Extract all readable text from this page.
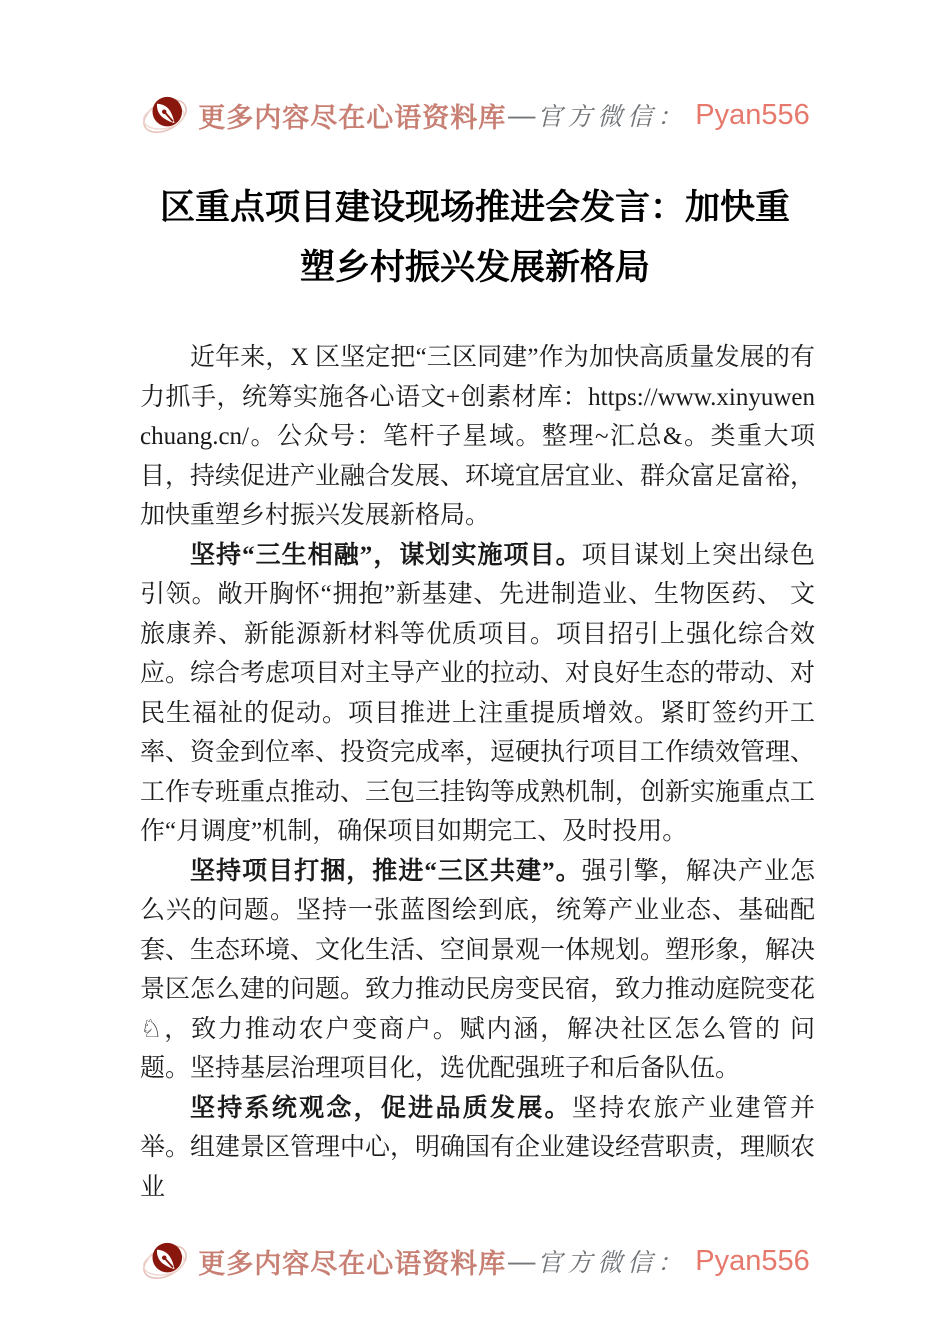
更多内容尽在心语资料库 — 官方微信： Pyan556
区重点项目建设现场推进会发言：加快重塑乡村振兴发展新格局

近年来，X 区坚定把“三区同建”作为加快高质量发展的有力抓手，统筹实施各心语文+创素材库：https://www.xinyuwenchuang.cn/。公众号：笔杆子星域。整理~汇总&。类重大项目，持续促进产业融合发展、环境宜居宜业、群众富足富裕，加快重塑乡村振兴发展新格局。

坚持“三生相融”，谋划实施项目。项目谋划上突出绿色引领。敞开胸怀“拥抱”新基建、先进制造业、生物医药、 文旅康养、新能源新材料等优质项目。项目招引上强化综合效应。综合考虑项目对主导产业的拉动、对良好生态的带动、对民生福祉的促动。项目推进上注重提质增效。紧盯签约开工率、资金到位率、投资完成率，逗硬执行项目工作绩效管理、工作专班重点推动、三包三挂钩等成熟机制，创新实施重点工作“月调度”机制，确保项目如期完工、及时投用。

坚持项目打捆，推进“三区共建”。强引擎，解决产业怎么兴的问题。坚持一张蓝图绘到底，统筹产业业态、基础配套、生态环境、文化生活、空间景观一体规划。塑形象，解决景区怎么建的问题。致力推动民房变民宿，致力推动庭院变花♘，致力推动农户变商户。赋内涵，解决社区怎么管的 问题。坚持基层治理项目化，选优配强班子和后备队伍。

坚持系统观念，促进品质发展。坚持农旅产业建管并举。组建景区管理中心，明确国有企业建设经营职责，理顺农业

更多内容尽在心语资料库 — 官方微信： Pyan556
